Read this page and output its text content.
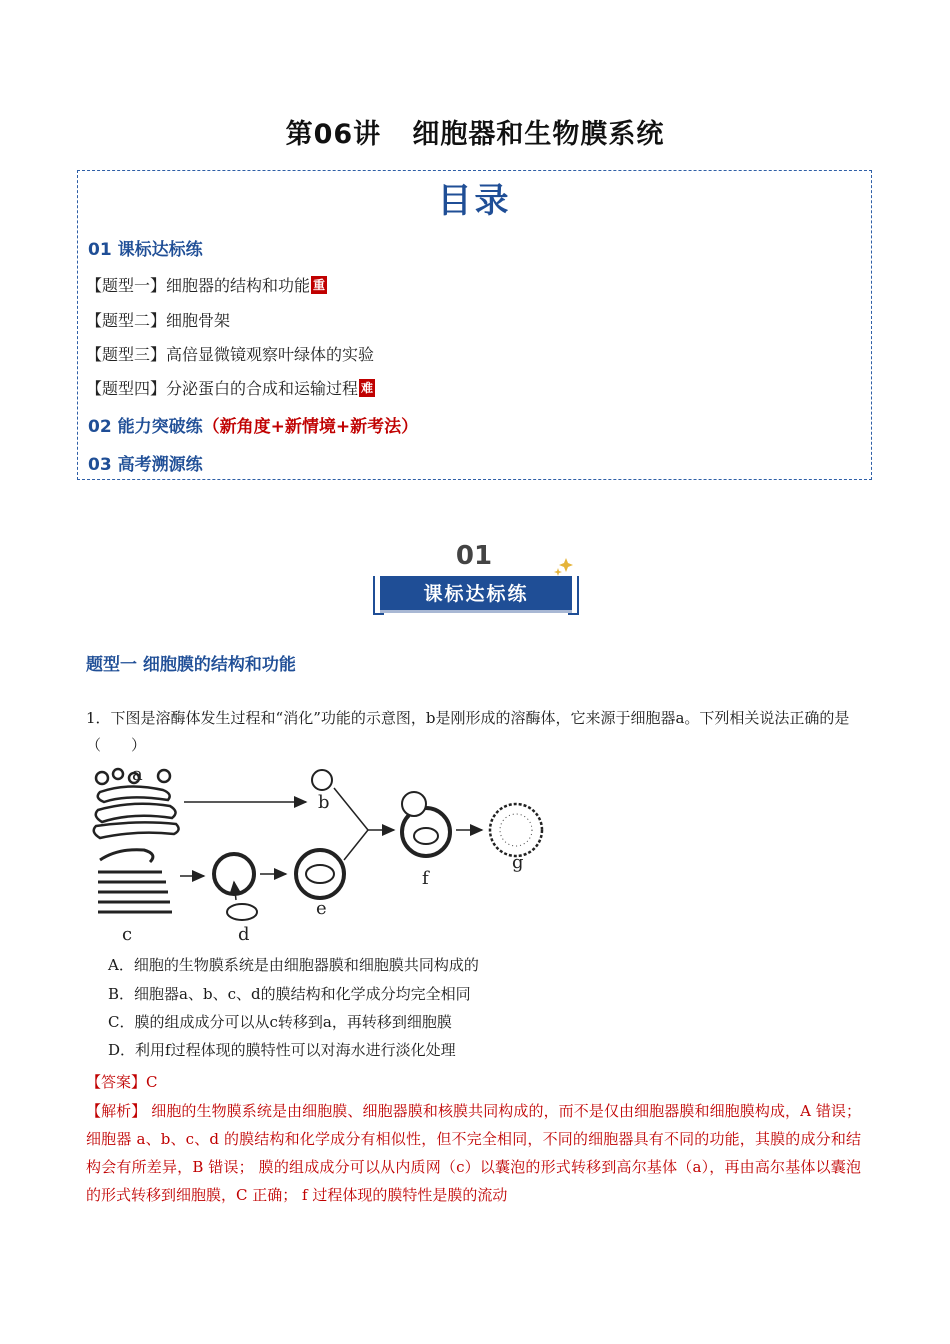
第06讲   细胞器和生物膜系统
目录
01 课标达标练
【题型一】细胞器的结构和功能 重
【题型二】细胞骨架
【题型三】高倍显微镜观察叶绿体的实验
【题型四】分泌蛋白的合成和运输过程 难
02 能力突破练（新角度+新情境+新考法）
03 高考溯源练
01
课标达标练
题型一 细胞膜的结构和功能
1．下图是溶酶体发生过程和“消化”功能的示意图，b是刚形成的溶酶体，它来源于细胞器a。下列相关说法正确的是（　　）
a
b
c	d
e
f
g
A．细胞的生物膜系统是由细胞器膜和细胞膜共同构成的
B．细胞器a、b、c、d的膜结构和化学成分均完全相同
C．膜的组成成分可以从c转移到a，再转移到细胞膜
D．利用f过程体现的膜特性可以对海水进行淡化处理
【答案】C
【解析】 细胞的生物膜系统是由细胞膜、细胞器膜和核膜共同构成的，而不是仅由细胞器膜和细胞膜构成，A 错误； 细胞器 a、b、c、d 的膜结构和化学成分有相似性，但不完全相同，不同的细胞器具有不同的功能，其膜的成分和结构会有所差异，B 错误； 膜的组成成分可以从内质网（c）以囊泡的形式转移到高尔基体（a），再由高尔基体以囊泡的形式转移到细胞膜，C 正确； f 过程体现的膜特性是膜的流动
